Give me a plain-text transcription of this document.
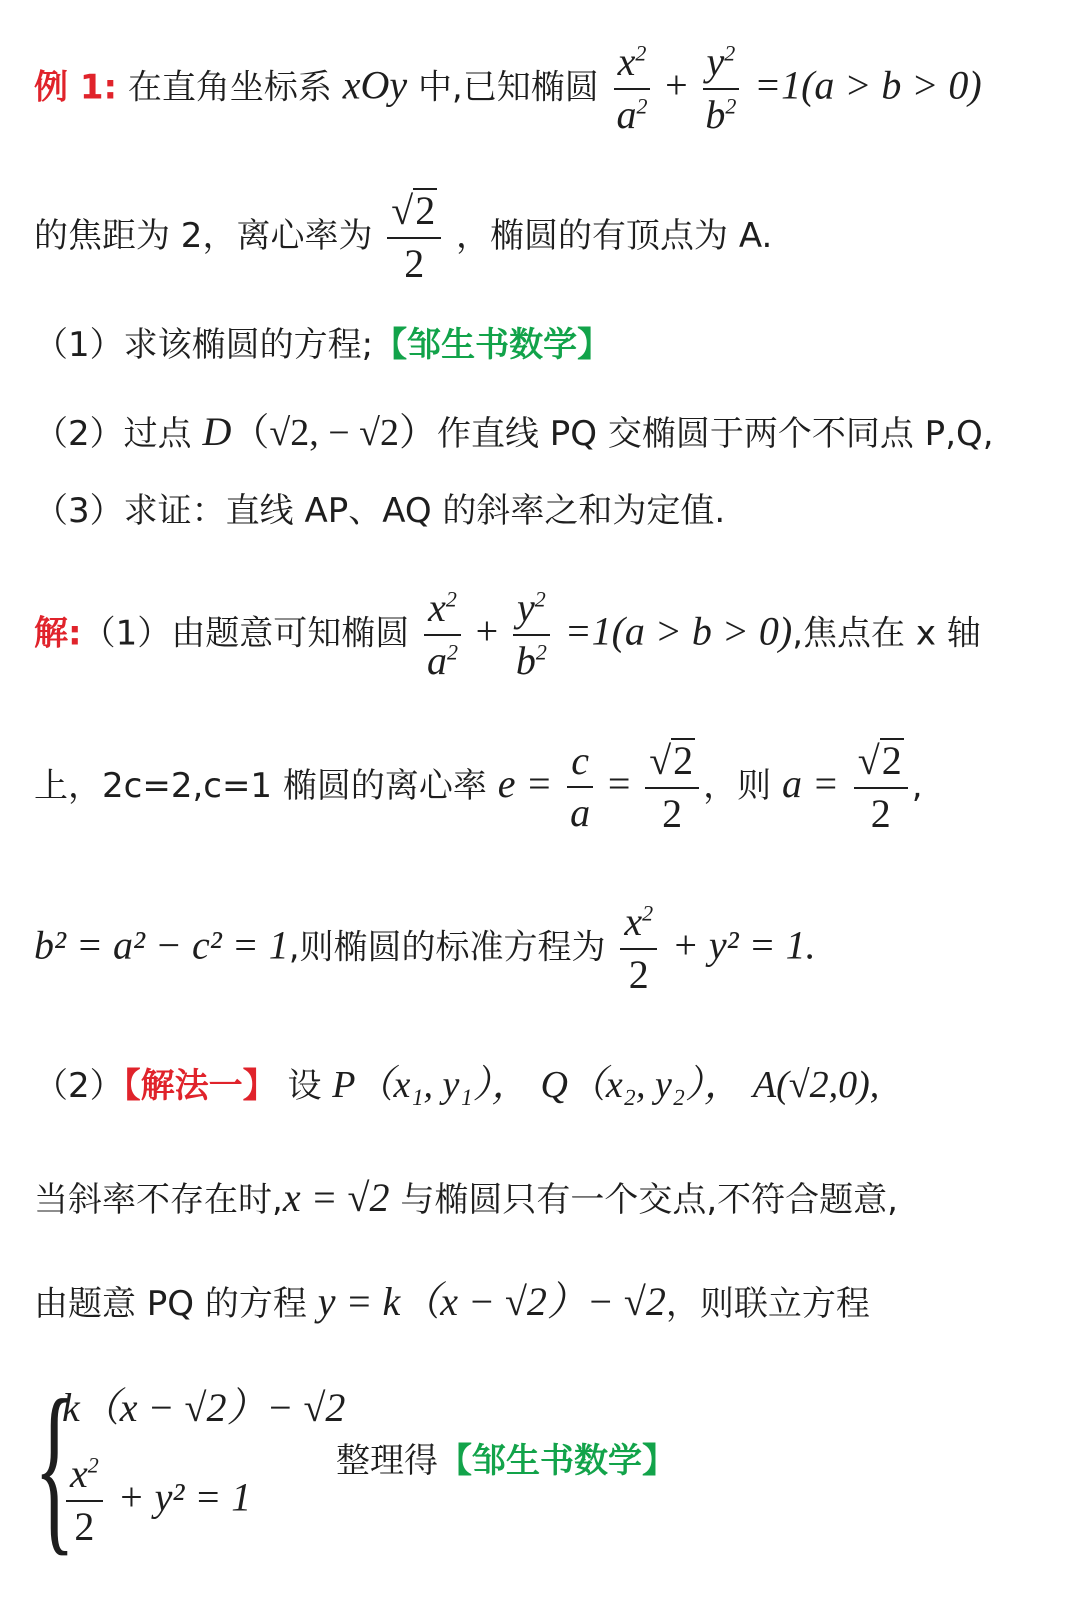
例 1: 在直角坐标系 xOy 中,已知椭圆 $\frac{x^2}{a^2} + \frac{y^2}{b^2} =1(a > b > 0)$
的焦距为 2，离心率为 $\frac{√2}{2}$ ，椭圆的有顶点为 A.
（1）求该椭圆的方程;【邹生书数学】
（2）过点 D（√2, − √2）作直线 PQ 交椭圆于两个不同点 P,Q,
（3）求证：直线 AP、AQ 的斜率之和为定值.
解:（1）由题意可知椭圆 $\frac{x^2}{a^2} + \frac{y^2}{b^2} =1(a > b > 0)$,焦点在 x 轴
上，2c=2,c=1 椭圆的离心率 $e = \frac{c}{a} = \frac{√2}{2}$ ，则 $a = \frac{√2}{2}$ ,
b² = a² − c² = 1,则椭圆的标准方程为 $\frac{x^2}{2} + y^2 = 1$.
（2）【解法一】 设 P（x₁, y₁）， Q（x₂, y₂）， A(√2,0),
当斜率不存在时,x = √2 与椭圆只有一个交点,不符合题意,
由题意 PQ 的方程 y = k（x − √2）− √2，则联立方程
{
k（x − √2）− √2
$\frac{x^2}{2} + y^2 = 1$
整理得【邹生书数学】
